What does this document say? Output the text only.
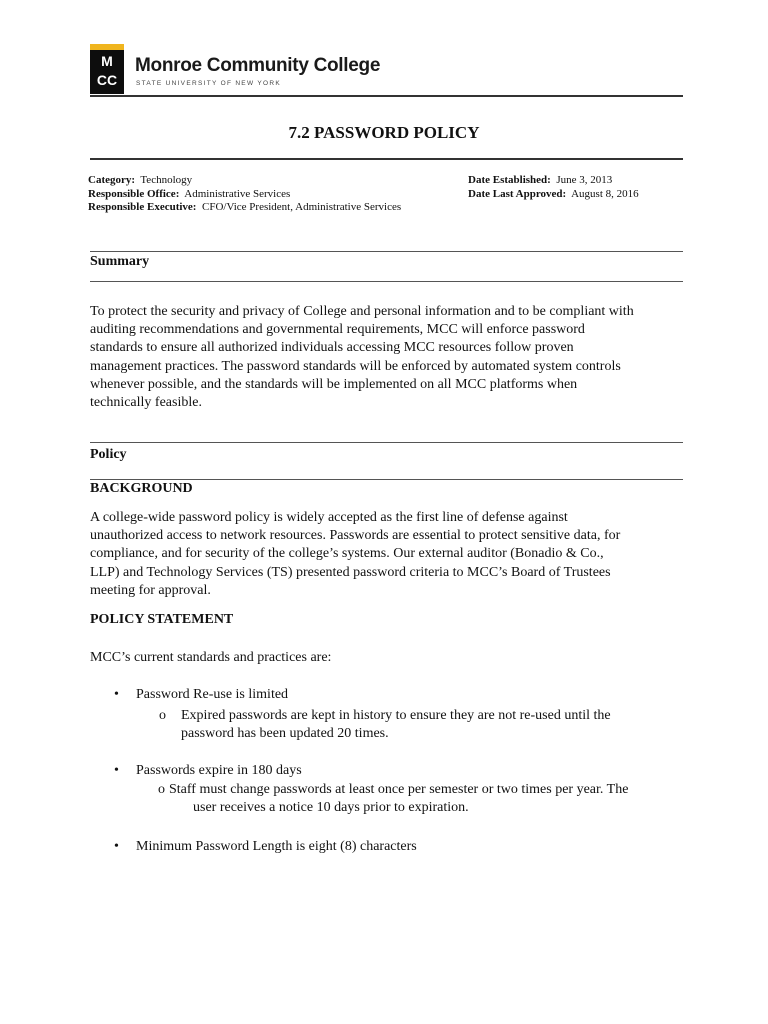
M
CC
Monroe Community College
STATE UNIVERSITY OF NEW YORK
7.2 PASSWORD POLICY
Category: Technology
Responsible Office: Administrative Services
Responsible Executive: CFO/Vice President, Administrative Services
Date Established: June 3, 2013
Date Last Approved: August 8, 2016
Summary
To protect the security and privacy of College and personal information and to be compliant with
auditing recommendations and governmental requirements, MCC will enforce password
standards to ensure all authorized individuals accessing MCC resources follow proven
management practices. The password standards will be enforced by automated system controls
whenever possible, and the standards will be implemented on all MCC platforms when
technically feasible.
Policy
BACKGROUND
A college-wide password policy is widely accepted as the first line of defense against
unauthorized access to network resources. Passwords are essential to protect sensitive data, for
compliance, and for security of the college’s systems. Our external auditor (Bonadio & Co.,
LLP) and Technology Services (TS) presented password criteria to MCC’s Board of Trustees
meeting for approval.
POLICY STATEMENT
MCC’s current standards and practices are:
• Password Re-use is limited
o Expired passwords are kept in history to ensure they are not re-used until the
password has been updated 20 times.
• Passwords expire in 180 days
o Staff must change passwords at least once per semester or two times per year. The
user receives a notice 10 days prior to expiration.
• Minimum Password Length is eight (8) characters
